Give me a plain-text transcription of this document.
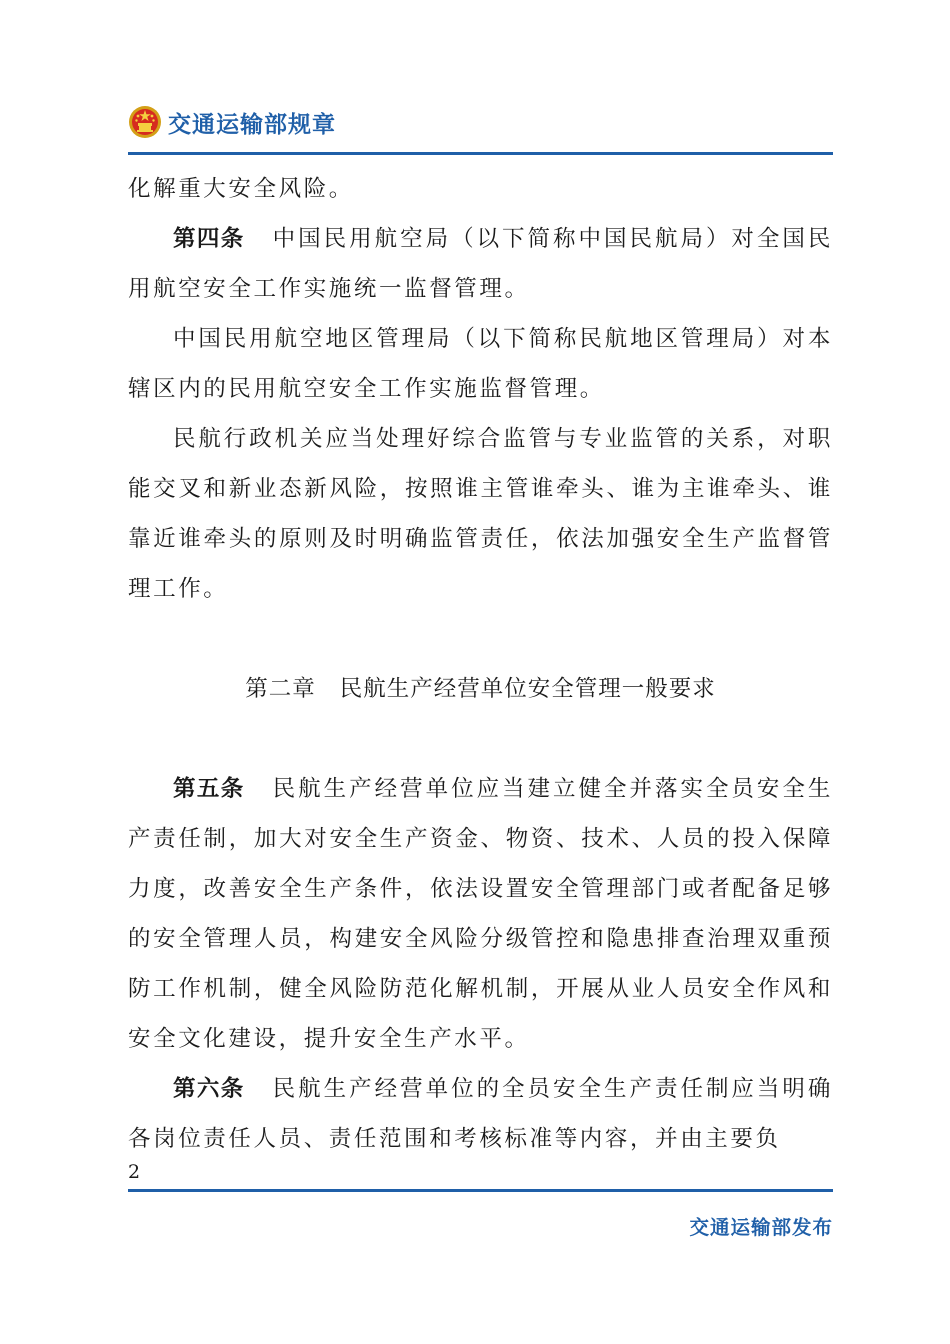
交通运输部规章

化解重大安全风险。

第四条 中国民用航空局（以下简称中国民航局）对全国民用航空安全工作实施统一监督管理。

中国民用航空地区管理局（以下简称民航地区管理局）对本辖区内的民用航空安全工作实施监督管理。

民航行政机关应当处理好综合监管与专业监管的关系，对职能交叉和新业态新风险，按照谁主管谁牵头、谁为主谁牵头、谁靠近谁牵头的原则及时明确监管责任，依法加强安全生产监督管理工作。

第二章 民航生产经营单位安全管理一般要求

第五条 民航生产经营单位应当建立健全并落实全员安全生产责任制，加大对安全生产资金、物资、技术、人员的投入保障力度，改善安全生产条件，依法设置安全管理部门或者配备足够的安全管理人员，构建安全风险分级管控和隐患排查治理双重预防工作机制，健全风险防范化解机制，开展从业人员安全作风和安全文化建设，提升安全生产水平。

第六条 民航生产经营单位的全员安全生产责任制应当明确各岗位责任人员、责任范围和考核标准等内容，并由主要负

2
交通运输部发布
